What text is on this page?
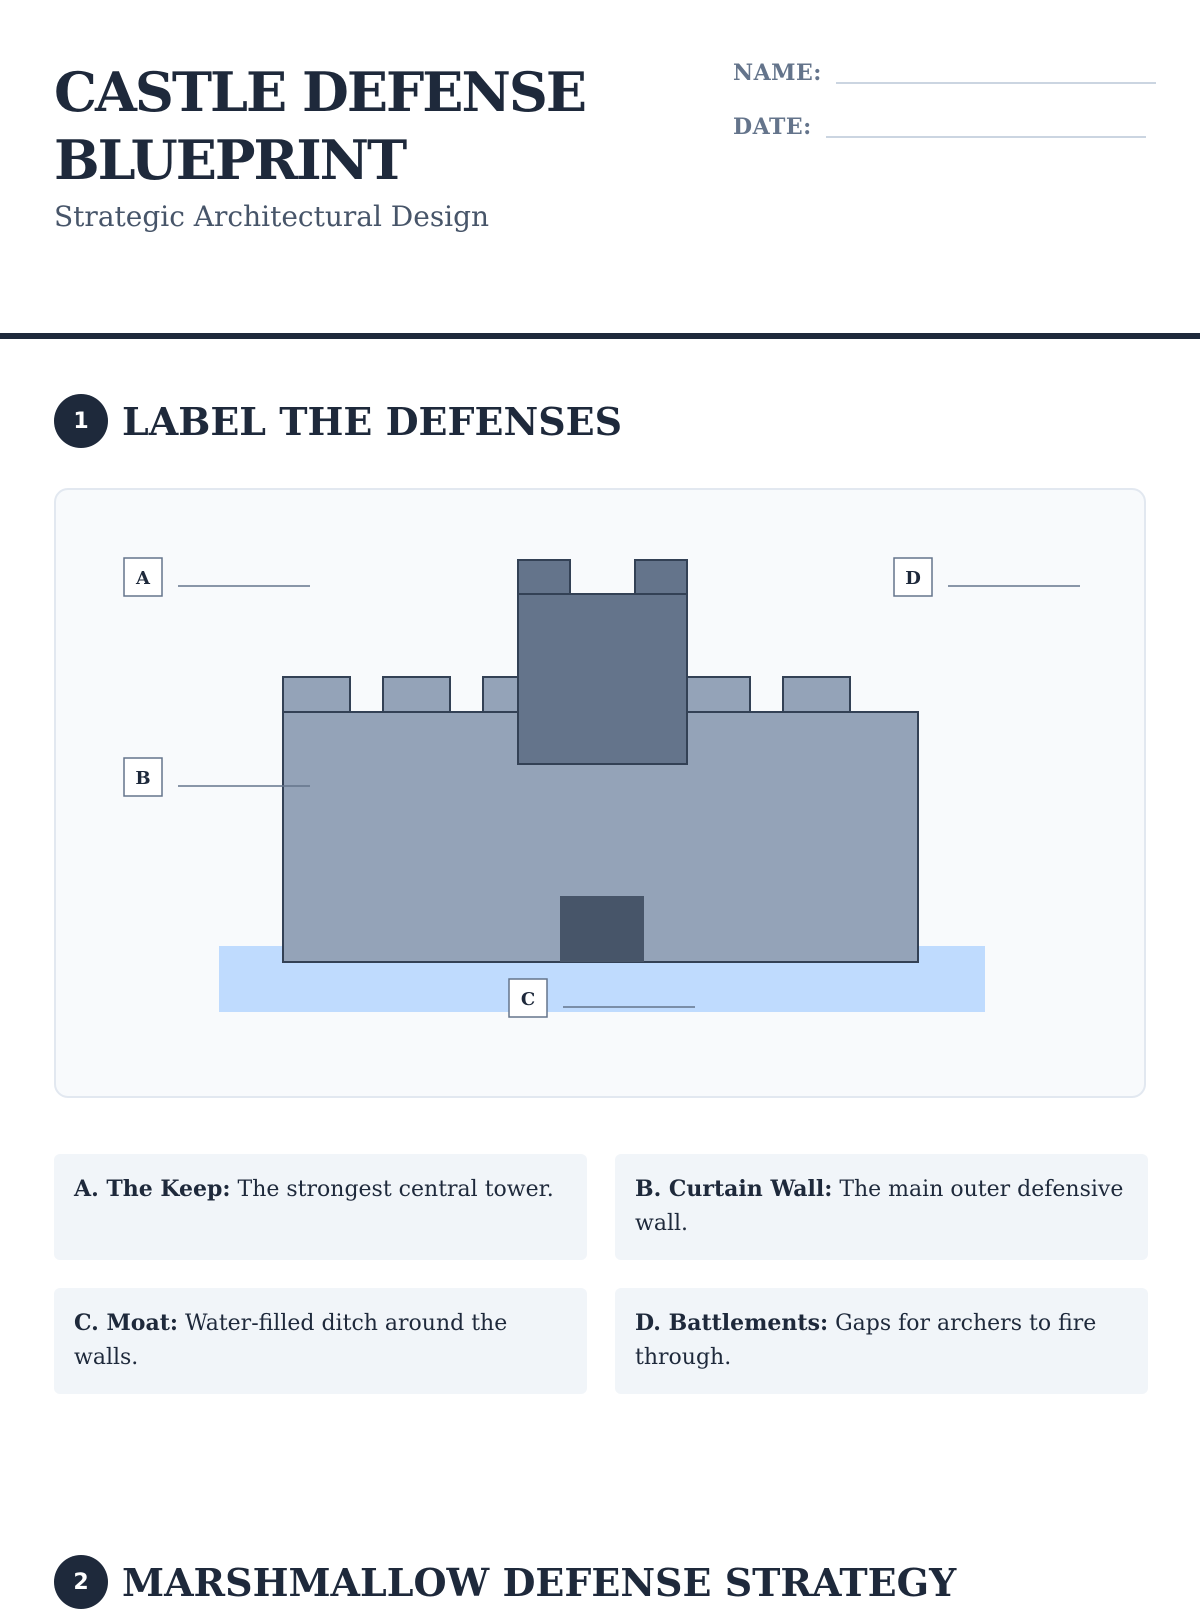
CASTLE DEFENSE
BLUEPRINT

Strategic Architectural Design

NAME:
DATE:
1 LABEL THE DEFENSES
A
B
C
D
A. The Keep: The strongest central tower.	B. Curtain Wall: The main outer defensive wall.
C. Moat: Water-filled ditch around the walls.
D. Battlements: Gaps for archers to fire through.
2 MARSHMALLOW DEFENSE STRATEGY
